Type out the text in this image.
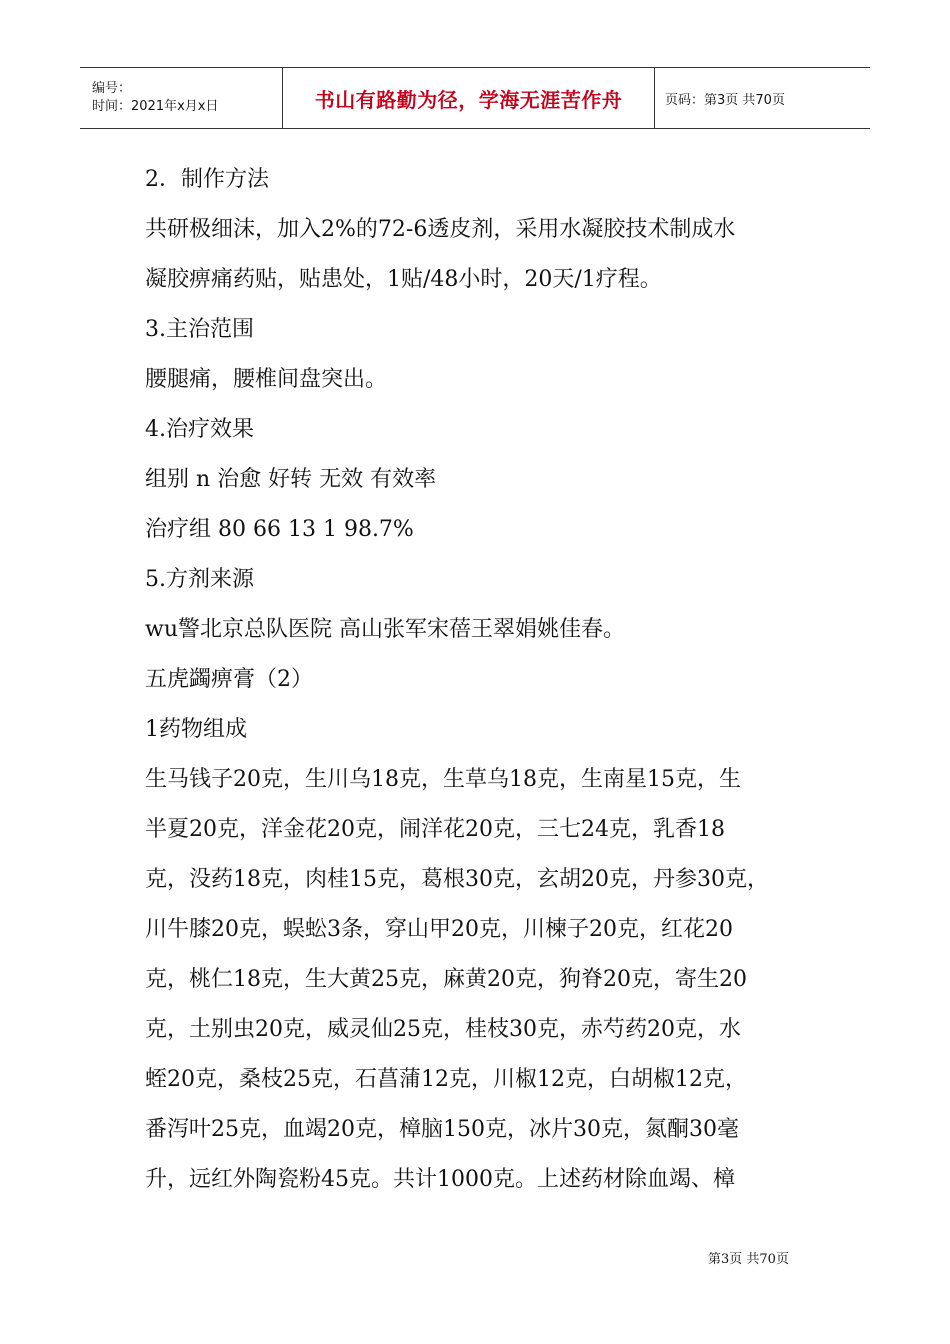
编号：
时间：2021年x月x日	书山有路勤为径，学海无涯苦作舟	页码：第3页 共70页

2．制作方法

共研极细沫，加入2%的72-6透皮剂，采用水凝胶技术制成水

凝胶痹痛药贴，贴患处，1贴/48小时，20天/1疗程。

3.主治范围

腰腿痛，腰椎间盘突出。

4.治疗效果

组别 n 治愈 好转 无效 有效率

治疗组 80 66 13 1 98.7%

5.方剂来源

wu警北京总队医院 高山张军宋蓓王翠娟姚佳春。

五虎蠲痹膏（2）

1药物组成

生马钱子20克，生川乌18克，生草乌18克，生南星15克，生

半夏20克，洋金花20克，闹洋花20克，三七24克，乳香18

克，没药18克，肉桂15克，葛根30克，玄胡20克，丹参30克，

川牛膝20克，蜈蚣3条，穿山甲20克，川楝子20克，红花20

克，桃仁18克，生大黄25克，麻黄20克，狗脊20克，寄生20

克，土别虫20克，威灵仙25克，桂枝30克，赤芍药20克，水

蛭20克，桑枝25克，石菖蒲12克，川椒12克，白胡椒12克，

番泻叶25克，血竭20克，樟脑150克，冰片30克，氮酮30毫

升，远红外陶瓷粉45克。共计1000克。上述药材除血竭、樟

第3页 共70页
